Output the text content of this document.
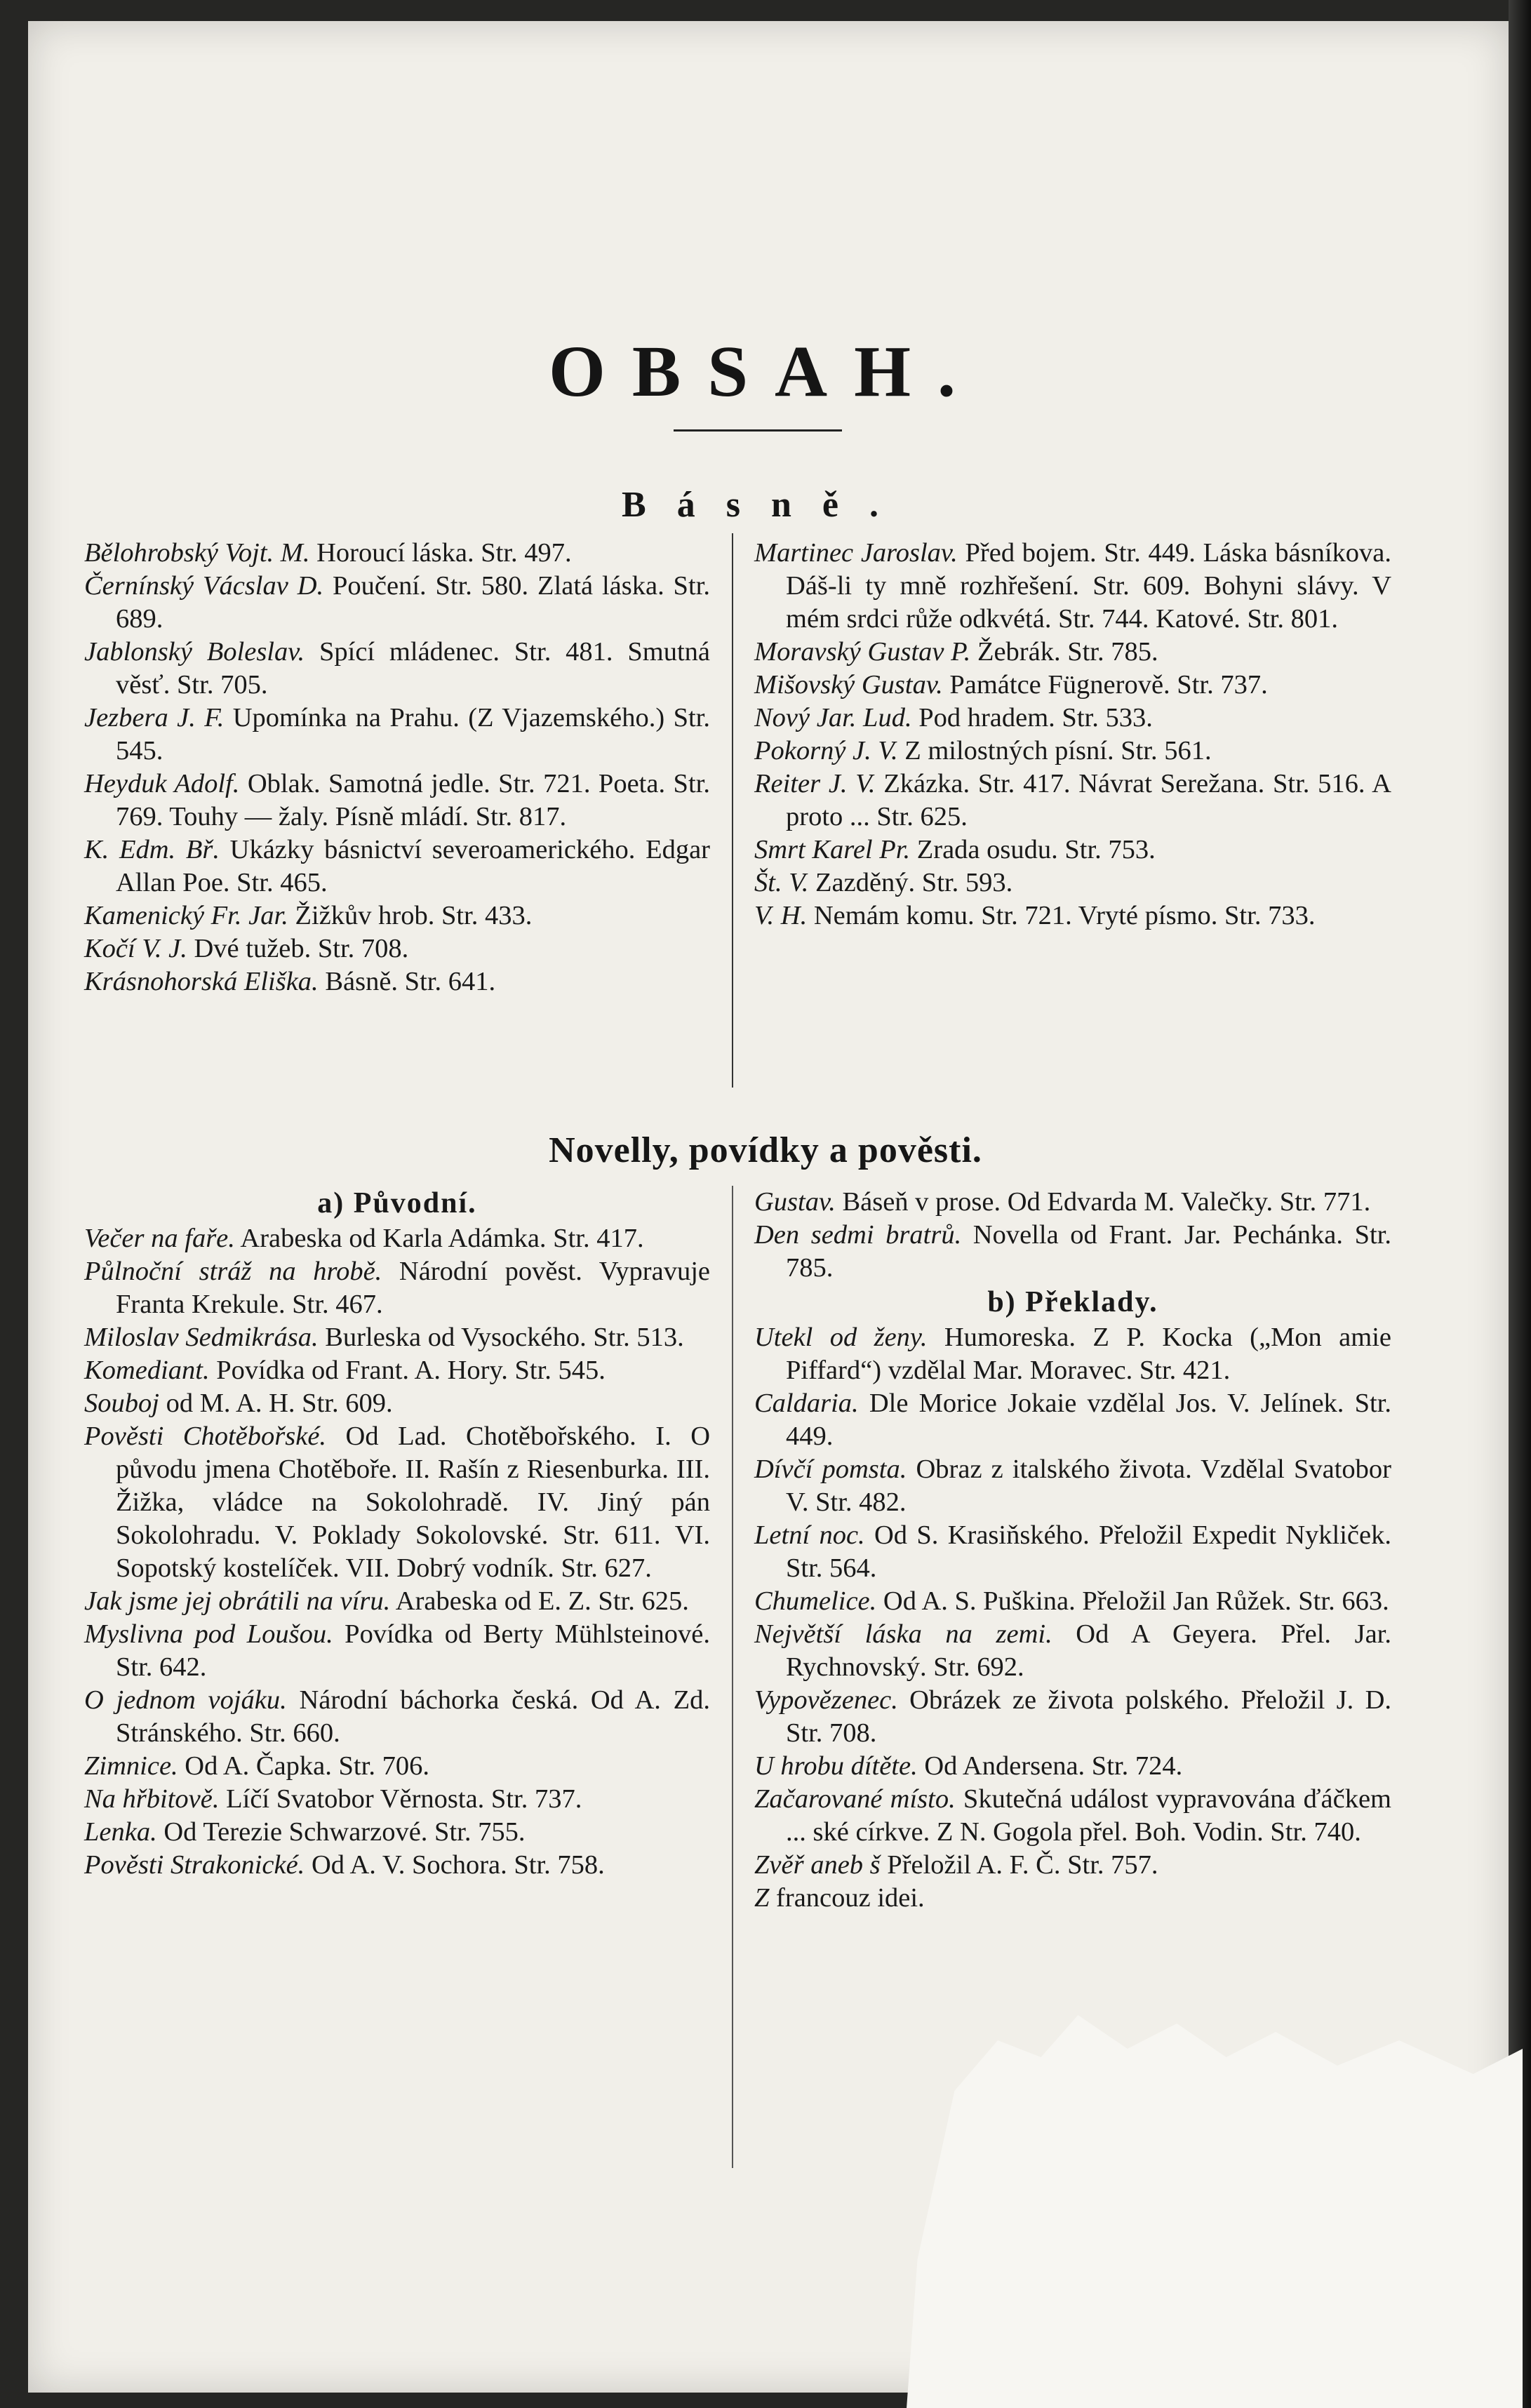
OBSAH.
Básně.

Bělohrobský Vojt. M. Horoucí láska. Str. 497.

Černínský Vácslav D. Poučení. Str. 580. Zlatá láska. Str. 689.

Jablonský Boleslav. Spící mládenec. Str. 481. Smutná věsť. Str. 705.

Jezbera J. F. Upomínka na Prahu. (Z Vjazemského.) Str. 545.

Heyduk Adolf. Oblak. Samotná jedle. Str. 721. Poeta. Str. 769. Touhy — žaly. Písně mládí. Str. 817.

K. Edm. Bř. Ukázky básnictví severoamerického. Edgar Allan Poe. Str. 465.

Kamenický Fr. Jar. Žižkův hrob. Str. 433.

Kočí V. J. Dvé tužeb. Str. 708.

Krásnohorská Eliška. Básně. Str. 641.

Martinec Jaroslav. Před bojem. Str. 449. Láska básníkova. Dáš-li ty mně rozhřešení. Str. 609. Bohyni slávy. V mém srdci růže odkvétá. Str. 744. Katové. Str. 801.

Moravský Gustav P. Žebrák. Str. 785.

Mišovský Gustav. Památce Fügnerově. Str. 737.

Nový Jar. Lud. Pod hradem. Str. 533.

Pokorný J. V. Z milostných písní. Str. 561.

Reiter J. V. Zkázka. Str. 417. Návrat Serežana. Str. 516. A proto ... Str. 625.

Smrt Karel Pr. Zrada osudu. Str. 753.

Št. V. Zazděný. Str. 593.

V. H. Nemám komu. Str. 721. Vryté písmo. Str. 733.

Novelly, povídky a pověsti.
a) Původní.

Večer na faře. Arabeska od Karla Adámka. Str. 417.

Půlnoční stráž na hrobě. Národní pověst. Vypravuje Franta Krekule. Str. 467.

Miloslav Sedmikrása. Burleska od Vysockého. Str. 513.

Komediant. Povídka od Frant. A. Hory. Str. 545.

Souboj od M. A. H. Str. 609.

Pověsti Chotěbořské. Od Lad. Chotěbořského. I. O původu jmena Chotěboře. II. Rašín z Riesenburka. III. Žižka, vládce na Sokolohradě. IV. Jiný pán Sokolohradu. V. Poklady Sokolovské. Str. 611. VI. Sopotský kostelíček. VII. Dobrý vodník. Str. 627.

Jak jsme jej obrátili na víru. Arabeska od E. Z. Str. 625.

Myslivna pod Loušou. Povídka od Berty Mühlsteinové. Str. 642.

O jednom vojáku. Národní báchorka česká. Od A. Zd. Stránského. Str. 660.

Zimnice. Od A. Čapka. Str. 706.

Na hřbitově. Líčí Svatobor Věrnosta. Str. 737.

Lenka. Od Terezie Schwarzové. Str. 755.

Pověsti Strakonické. Od A. V. Sochora. Str. 758.

Gustav. Báseň v prose. Od Edvarda M. Valečky. Str. 771.

Den sedmi bratrů. Novella od Frant. Jar. Pechánka. Str. 785.

b) Překlady.

Utekl od ženy. Humoreska. Z P. Kocka („Mon amie Piffard“) vzdělal Mar. Moravec. Str. 421.

Caldaria. Dle Morice Jokaie vzdělal Jos. V. Jelínek. Str. 449.

Dívčí pomsta. Obraz z italského života. Vzdělal Svatobor V. Str. 482.

Letní noc. Od S. Krasiňského. Přeložil Expedit Nykliček. Str. 564.

Chumelice. Od A. S. Puškina. Přeložil Jan Růžek. Str. 663.

Největší láska na zemi. Od A Geyera. Přel. Jar. Rychnovský. Str. 692.

Vypovězenec. Obrázek ze života polského. Přeložil J. D. Str. 708.

U hrobu dítěte. Od Andersena. Str. 724.

Začarované místo. Skutečná událost vypravována ďáčkem ... ské církve. Z N. Gogola přel. Boh. Vodin. Str. 740.

Zvěř aneb š Přeložil A. F. Č. Str. 757.

Z francouz idei.
